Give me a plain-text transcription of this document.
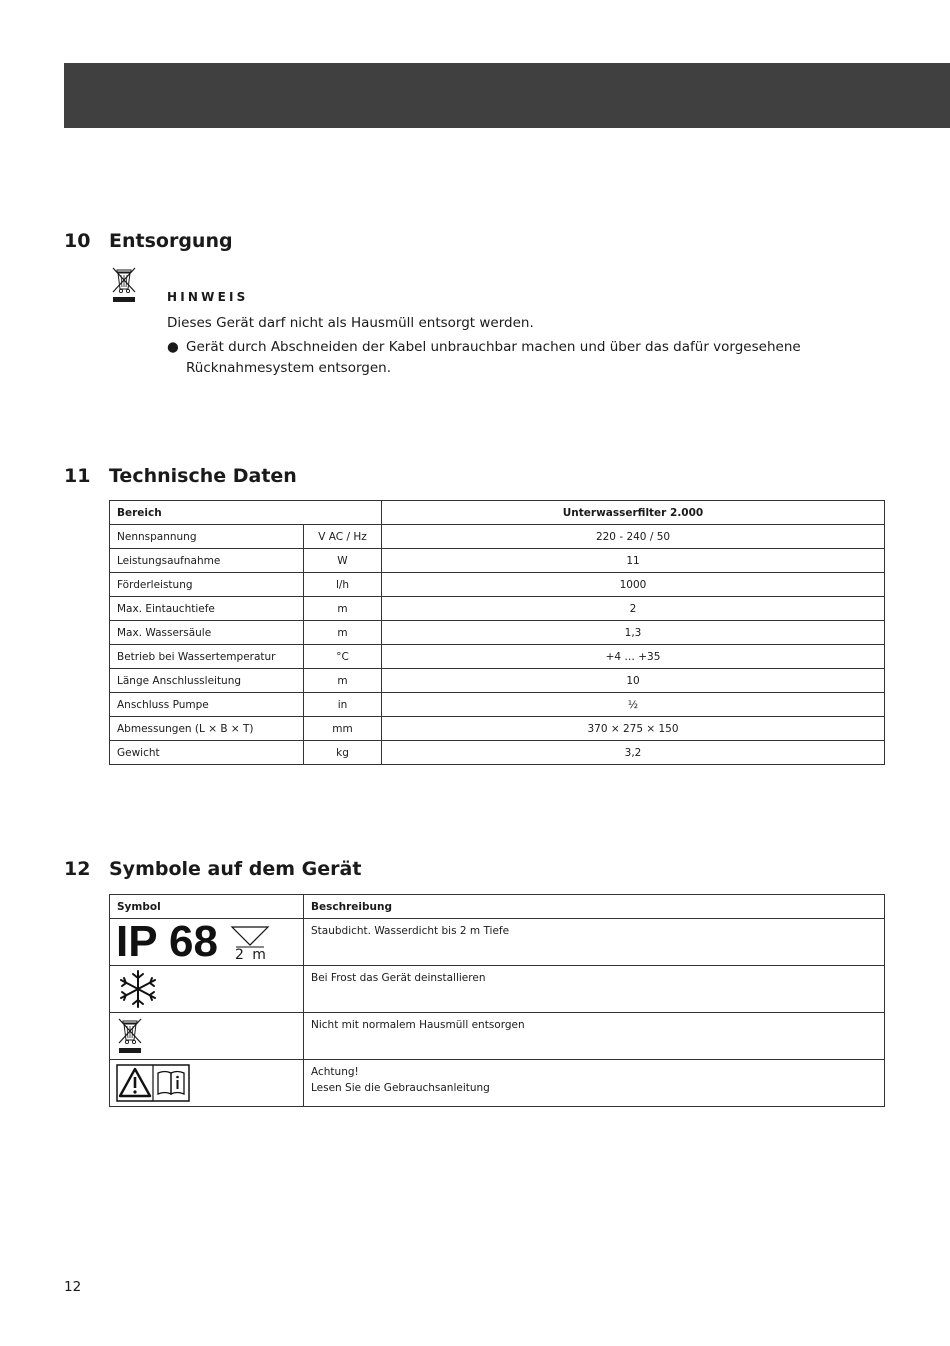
10 Entsorgung
HINWEIS
Dieses Gerät darf nicht als Hausmüll entsorgt werden.
● Gerät durch Abschneiden der Kabel unbrauchbar machen und über das dafür vorgesehene Rücknahmesystem entsorgen.
11 Technische Daten
Bereich		Unterwasserfilter 2.000
Nennspannung	V AC / Hz	220 - 240 / 50
Leistungsaufnahme	W	11
Förderleistung	l/h	1000
Max. Eintauchtiefe	m	2
Max. Wassersäule	m	1,3
Betrieb bei Wassertemperatur	°C	+4 … +35
Länge Anschlussleitung	m	10
Anschluss Pumpe	in	½
Abmessungen (L × B × T)	mm	370 × 275 × 150
Gewicht	kg	3,2
12 Symbole auf dem Gerät
Symbol	Beschreibung

IP 68 2 m	Staubdicht. Wasserdicht bis 2 m Tiefe

Bei Frost das Gerät deinstallieren

Nicht mit normalem Hausmüll entsorgen

Achtung!
Lesen Sie die Gebrauchsanleitung
12
